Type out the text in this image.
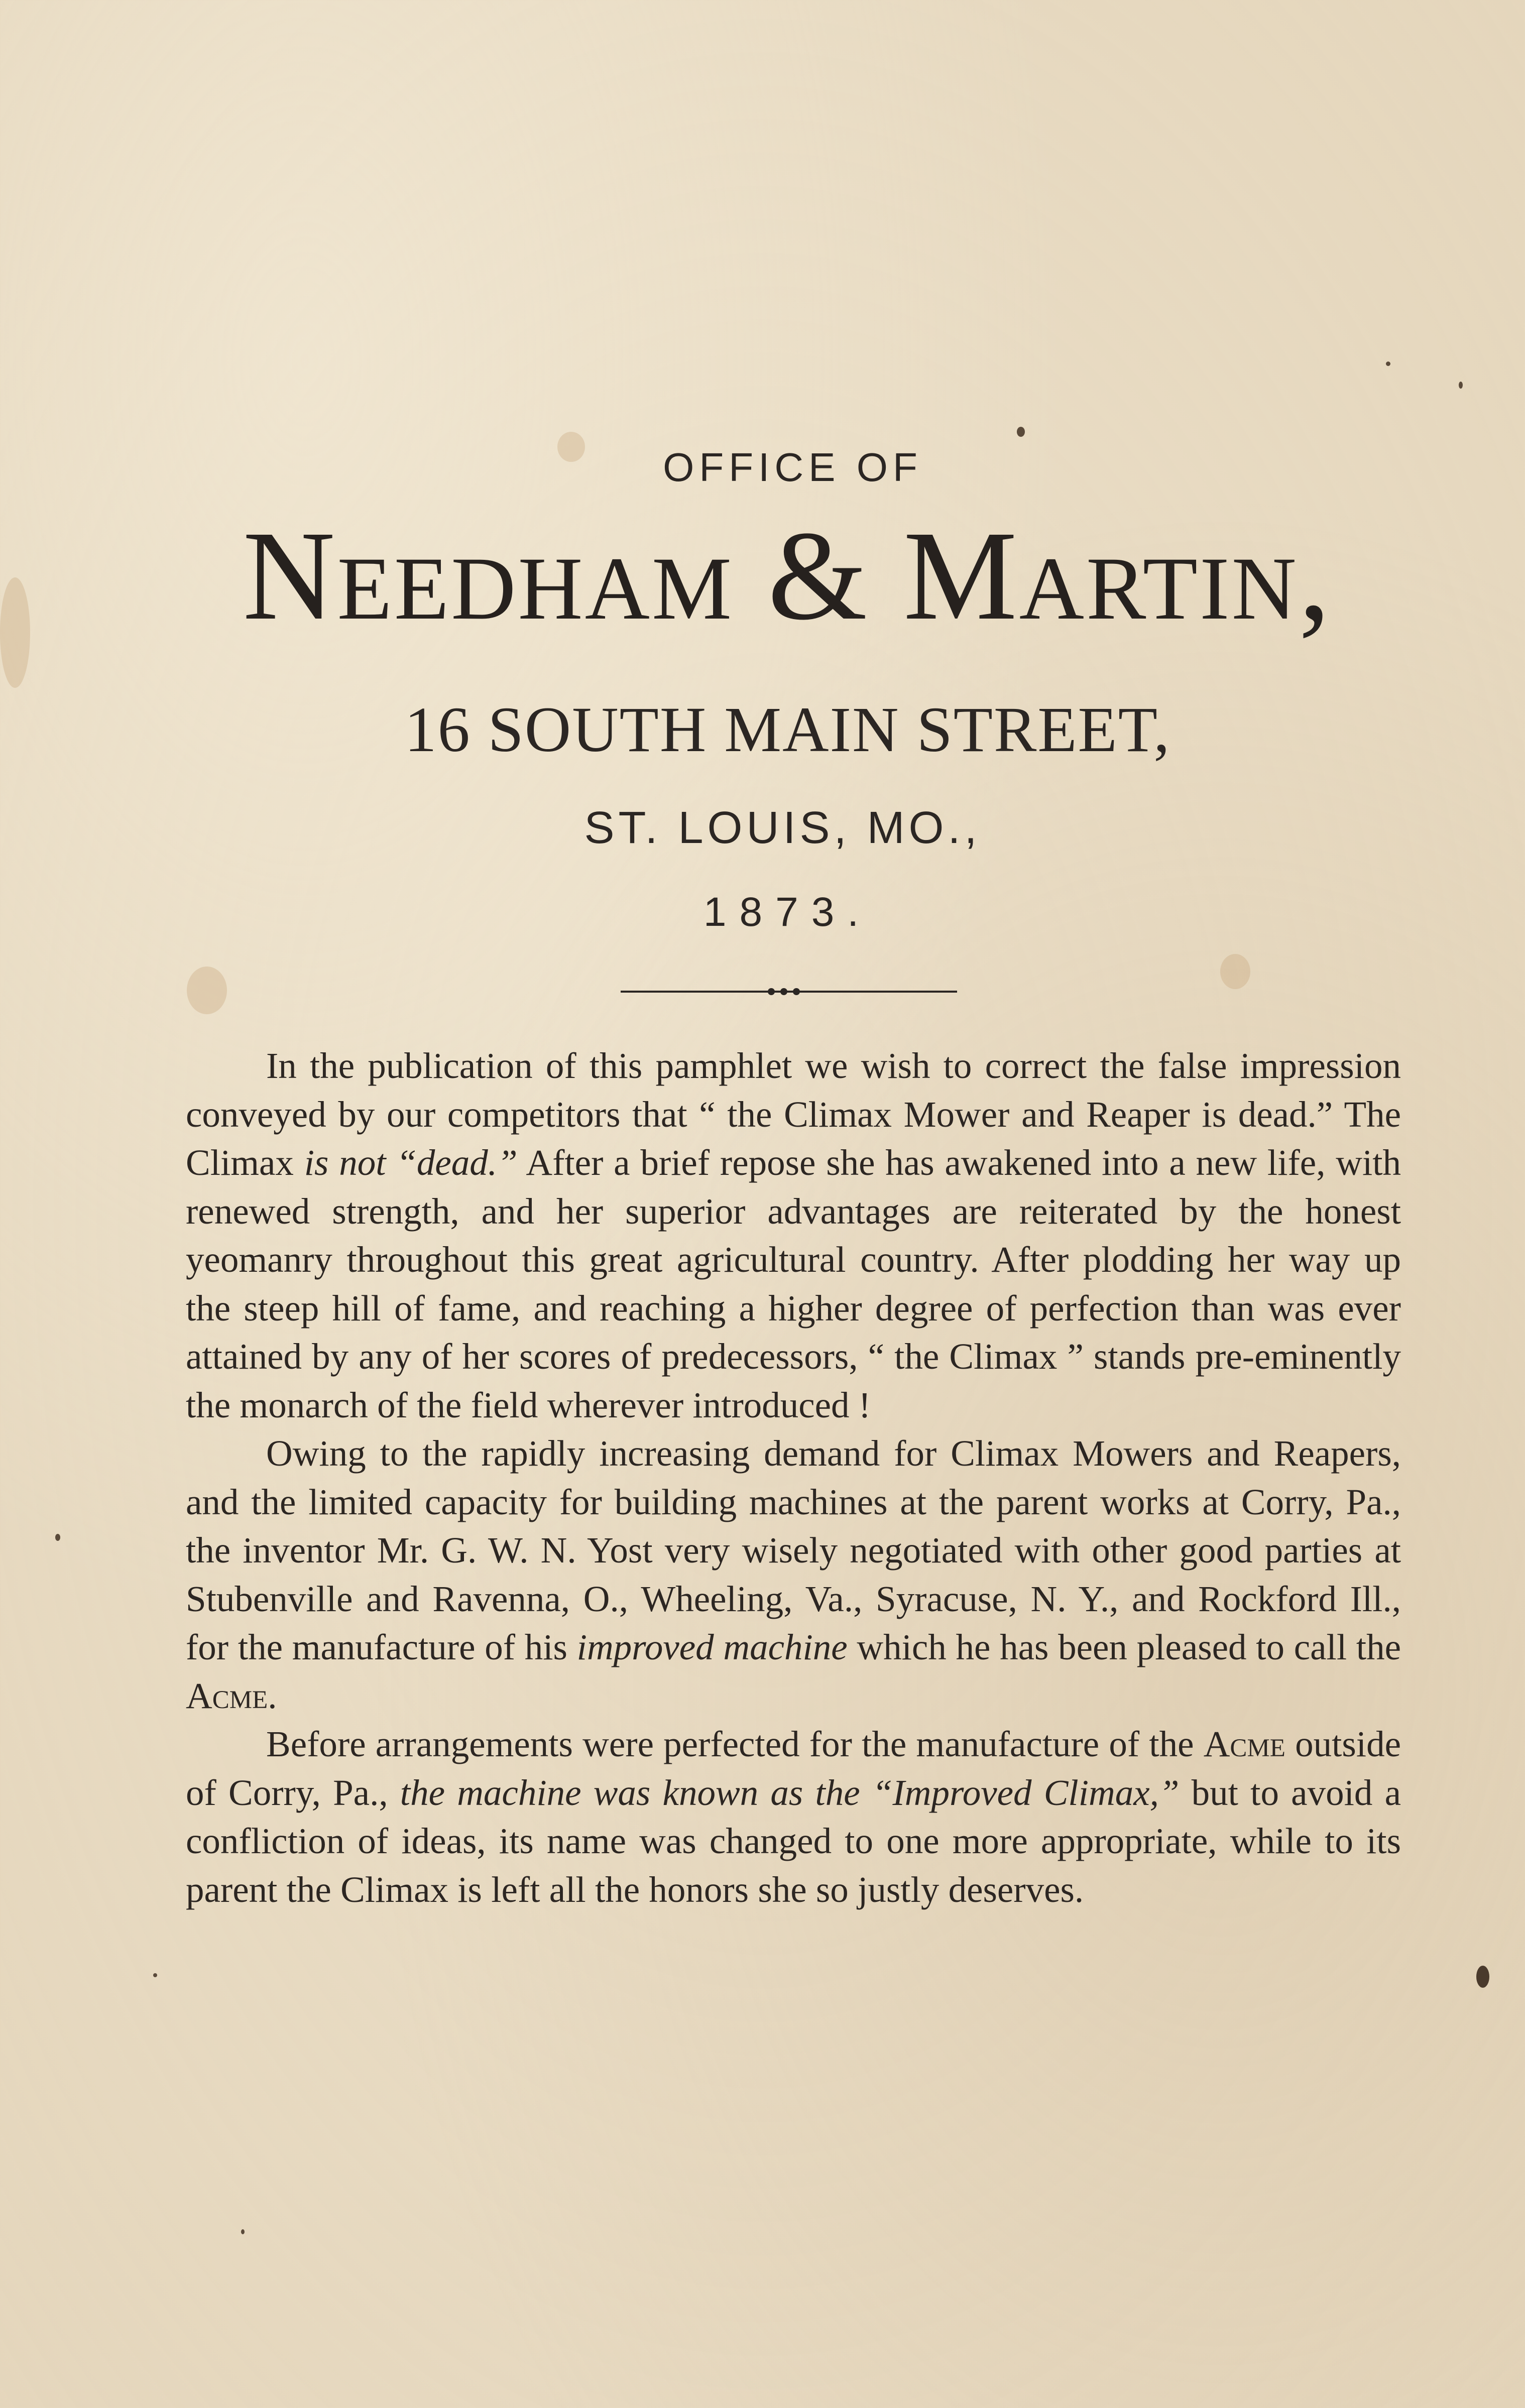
OFFICE OF
Needham & Martin,
16 SOUTH MAIN STREET,
ST. LOUIS, MO.,
1873.

In the publication of this pamphlet we wish to correct the false impression conveyed by our competitors that “ the Climax Mower and Reaper is dead.” The Climax is not “dead.” After a brief repose she has awakened into a new life, with renewed strength, and her superior advantages are reiterated by the honest yeomanry throughout this great agricultural country. After plodding her way up the steep hill of fame, and reaching a higher degree of perfection than was ever attained by any of her scores of predecessors, “ the Climax ” stands pre-eminently the monarch of the field wherever introduced !

Owing to the rapidly increasing demand for Climax Mowers and Reapers, and the limited capacity for building machines at the parent works at Corry, Pa., the inventor Mr. G. W. N. Yost very wisely negotiated with other good parties at Stubenville and Ravenna, O., Wheeling, Va., Syracuse, N. Y., and Rockford Ill., for the manufacture of his improved machine which he has been pleased to call the Acme.

Before arrangements were perfected for the manufacture of the Acme outside of Corry, Pa., the machine was known as the “Improved Climax,” but to avoid a confliction of ideas, its name was changed to one more appropriate, while to its parent the Climax is left all the honors she so justly deserves.
